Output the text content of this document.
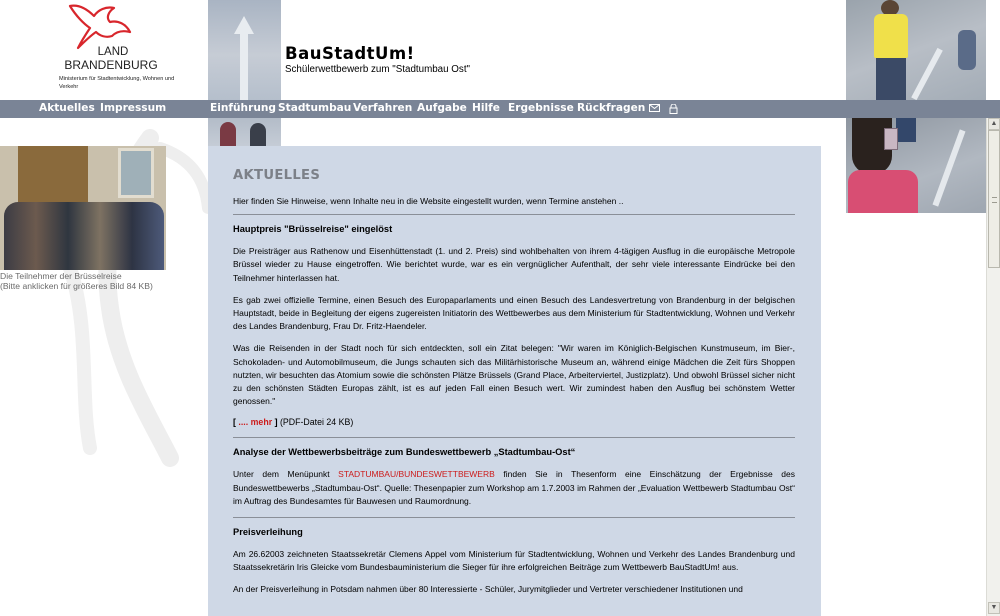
LAND
BRANDENBURG
Ministerium für Stadtentwicklung, Wohnen und Verkehr
BauStadtUm!
Schülerwettbewerb zum "Stadtumbau Ost"
Aktuelles Impressum	Einführung Stadtumbau Verfahren Aufgabe Hilfe Ergebnisse Rückfragen
Die Teilnehmer der Brüsselreise
(Bitte anklicken für größeres Bild 84 KB)
▲
▼
AKTUELLES

Hier finden Sie Hinweise, wenn Inhalte neu in die Website eingestellt wurden, wenn Termine anstehen ..

Hauptpreis "Brüsselreise" eingelöst

Die Preisträger aus Rathenow und Eisenhüttenstadt (1. und 2. Preis) sind wohlbehalten von ihrem 4-tägigen Ausflug in die europäische Metropole Brüssel wieder zu Hause eingetroffen. Wie berichtet wurde, war es ein vergnüglicher Aufenthalt, der sehr viele interessante Eindrücke bei den Teilnehmer hinterlassen hat.

Es gab zwei offizielle Termine, einen Besuch des Europaparlaments und einen Besuch des Landesvertretung von Brandenburg in der belgischen Hauptstadt, beide in Begleitung der eigens zugereisten Initiatorin des Wettbewerbes aus dem Ministerium für Stadtentwicklung, Wohnen und Verkehr des Landes Brandenburg, Frau Dr. Fritz-Haendeler.

Was die Reisenden in der Stadt noch für sich entdeckten, soll ein Zitat belegen: "Wir waren im Königlich-Belgischen Kunstmuseum, im Bier-, Schokoladen- und Automobilmuseum, die Jungs schauten sich das Militärhistorische Museum an, während einige Mädchen die Zeit fürs Shoppen nutzten, wir besuchten das Atomium sowie die schönsten Plätze Brüssels (Grand Place, Arbeiterviertel, Justizplatz). Und obwohl Brüssel sicher nicht zu den schönsten Städten Europas zählt, ist es auf jeden Fall einen Besuch wert. Wir zumindest haben den Ausflug bei schönstem Wetter genossen."

[ .... mehr ] (PDF-Datei 24 KB)
Analyse der Wettbewerbsbeiträge zum Bundeswettbewerb „Stadtumbau-Ost“

Unter dem Menüpunkt STADTUMBAU/BUNDESWETTBEWERB finden Sie in Thesenform eine Einschätzung der Ergebnisse des Bundeswettbewerbs „Stadtumbau-Ost“. Quelle: Thesenpapier zum Workshop am 1.7.2003 im Rahmen der „Evaluation Wettbewerb Stadtumbau Ost“ im Auftrag des Bundesamtes für Bauwesen und Raumordnung.

Preisverleihung

Am 26.62003 zeichneten Staatssekretär Clemens Appel vom Ministerium für Stadtentwicklung, Wohnen und Verkehr des Landes Brandenburg und Staatssekretärin Iris Gleicke vom Bundesbauministerium die Sieger für ihre erfolgreichen Beiträge zum Wettbewerb BauStadtUm! aus.

An der Preisverleihung in Potsdam nahmen über 80 Interessierte - Schüler, Jurymitglieder und Vertreter verschiedener Institutionen und
